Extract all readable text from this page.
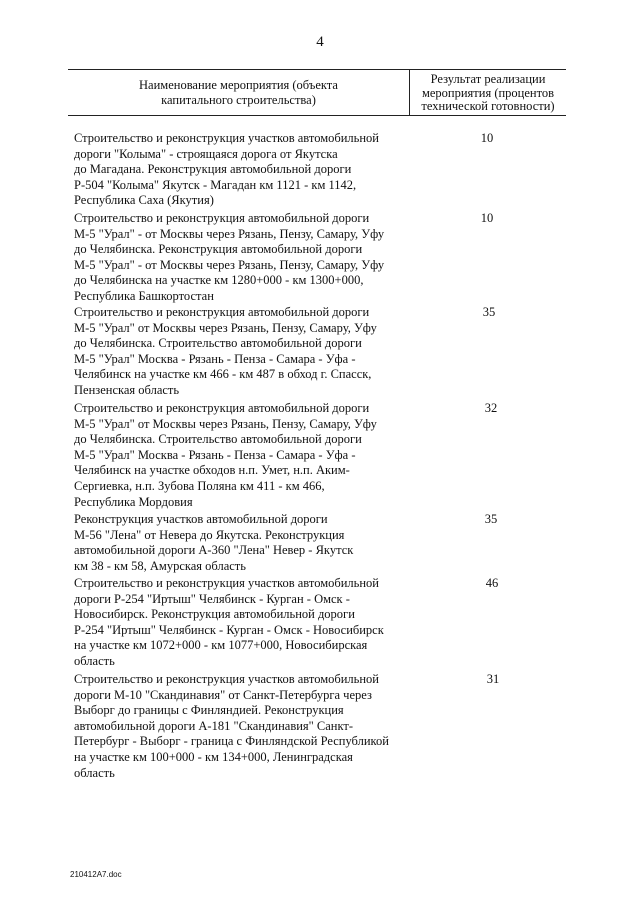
4
Наименование мероприятия (объекта
капитального строительства)
Результат реализации
мероприятия (процентов
технической готовности)
Строительство и реконструкция участков автомобильной
дороги "Колыма" - строящаяся дорога от Якутска
до Магадана. Реконструкция автомобильной дороги
Р-504 "Колыма" Якутск - Магадан км 1121 - км 1142,
Республика Саха (Якутия)
10
Строительство и реконструкция автомобильной дороги
М-5 "Урал" - от Москвы через Рязань, Пензу, Самару, Уфу
до Челябинска. Реконструкция автомобильной дороги
М-5 "Урал" - от Москвы через Рязань, Пензу, Самару, Уфу
до Челябинска на участке км 1280+000 - км 1300+000,
Республика Башкортостан
10
Строительство и реконструкция автомобильной дороги
М-5 "Урал" от Москвы через Рязань, Пензу, Самару, Уфу
до Челябинска. Строительство автомобильной дороги
М-5 "Урал" Москва - Рязань - Пенза - Самара - Уфа -
Челябинск на участке км 466 - км 487 в обход г. Спасск,
Пензенская область
35
Строительство и реконструкция автомобильной дороги
М-5 "Урал" от Москвы через Рязань, Пензу, Самару, Уфу
до Челябинска. Строительство автомобильной дороги
М-5 "Урал" Москва - Рязань - Пенза - Самара - Уфа -
Челябинск на участке обходов н.п. Умет, н.п. Аким-
Сергиевка, н.п. Зубова Поляна км 411 - км 466,
Республика Мордовия
32
Реконструкция участков автомобильной дороги
М-56 "Лена" от Невера до Якутска. Реконструкция
автомобильной дороги А-360 "Лена" Невер - Якутск
км 38 - км 58, Амурская область
35
Строительство и реконструкция участков автомобильной
дороги Р-254 "Иртыш" Челябинск - Курган - Омск -
Новосибирск. Реконструкция автомобильной дороги
Р-254 "Иртыш" Челябинск - Курган - Омск - Новосибирск
на участке км 1072+000 - км 1077+000, Новосибирская
область
46
Строительство и реконструкция участков автомобильной
дороги М-10 "Скандинавия" от Санкт-Петербурга через
Выборг до границы с Финляндией. Реконструкция
автомобильной дороги А-181 "Скандинавия" Санкт-
Петербург - Выборг - граница с Финляндской Республикой
на участке км 100+000 - км 134+000, Ленинградская
область
31
210412A7.doc
